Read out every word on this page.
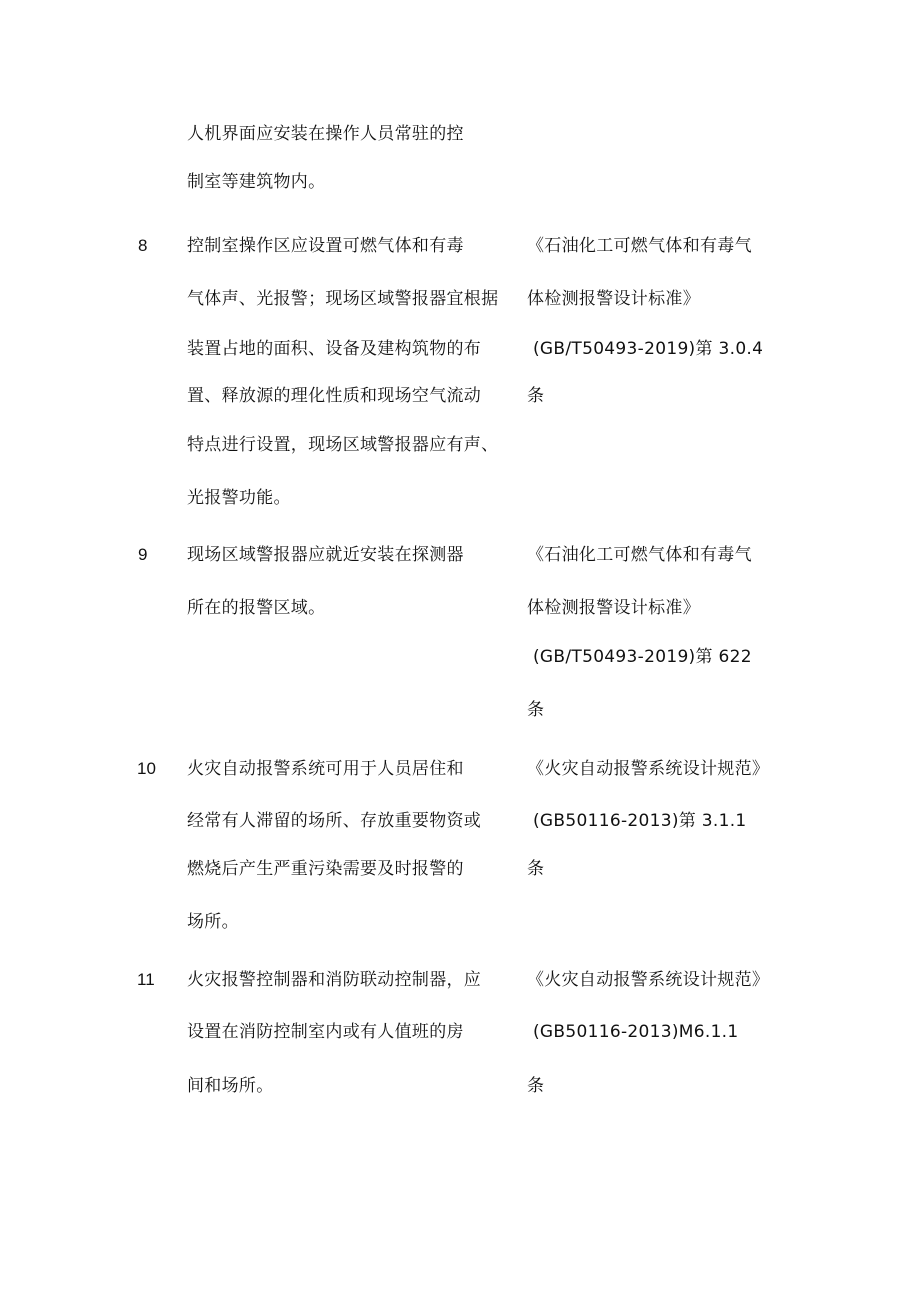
人机界面应安装在操作人员常驻的控
制室等建筑物内。
8 控制室操作区应设置可燃气体和有毒
气体声、光报警；现场区域警报器宜根据
装置占地的面积、设备及建构筑物的布
置、释放源的理化性质和现场空气流动
特点进行设置，现场区域警报器应有声、
光报警功能。
《石油化工可燃气体和有毒气
体检测报警设计标准》
(GB/T50493-2019)第 3.0.4
条
9 现场区域警报器应就近安装在探测器
所在的报警区域。
《石油化工可燃气体和有毒气
体检测报警设计标准》
(GB/T50493-2019)第 622
条
10 火灾自动报警系统可用于人员居住和
经常有人滞留的场所、存放重要物资或
燃烧后产生严重污染需要及时报警的
场所。
《火灾自动报警系统设计规范》
(GB50116-2013)第 3.1.1
条
11 火灾报警控制器和消防联动控制器，应
设置在消防控制室内或有人值班的房
间和场所。
《火灾自动报警系统设计规范》
(GB50116-2013)M6.1.1
条
